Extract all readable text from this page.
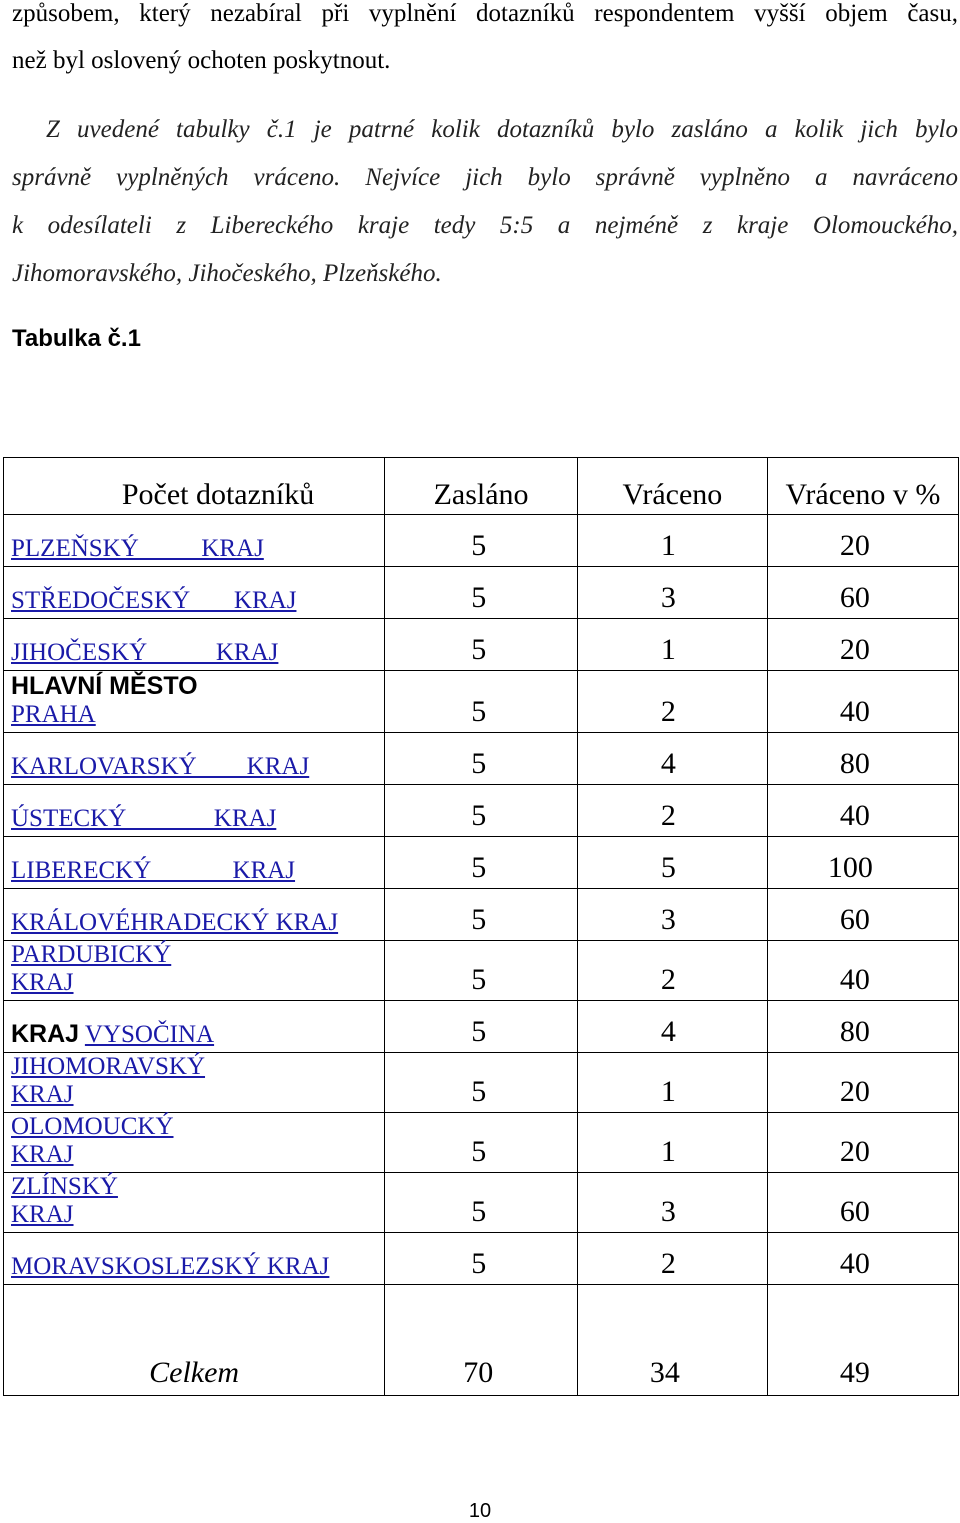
způsobem, který nezabíral při vyplnění dotazníků respondentem vyšší objem času,
než byl oslovený ochoten poskytnout.
Z uvedené tabulky č.1 je patrné kolik dotazníků bylo zasláno a kolik jich bylo
správně vyplněných vráceno. Nejvíce jich bylo správně vyplněno a navráceno
k odesílateli z Libereckého kraje tedy 5:5 a nejméně z kraje Olomouckého,
Jihomoravského, Jihočeského, Plzeňského.
Tabulka č.1
Počet dotazníků	Zasláno	Vráceno	Vráceno v %
PLZEŇSKÝ          KRAJ	5	1	20
STŘEDOČESKÝ       KRAJ	5	3	60
JIHOČESKÝ           KRAJ	5	1	20
HLAVNÍ MĚSTO
PRAHA	5	2	40
KARLOVARSKÝ        KRAJ	5	4	80
ÚSTECKÝ              KRAJ	5	2	40
LIBERECKÝ             KRAJ	5	5	100
KRÁLOVÉHRADECKÝ KRAJ	5	3	60
PARDUBICKÝ
KRAJ	5	2	40
KRAJ VYSOČINA	5	4	80
JIHOMORAVSKÝ
KRAJ	5	1	20
OLOMOUCKÝ
KRAJ	5	1	20
ZLÍNSKÝ
KRAJ	5	3	60
MORAVSKOSLEZSKÝ KRAJ	5	2	40
Celkem	70	34	49
10
